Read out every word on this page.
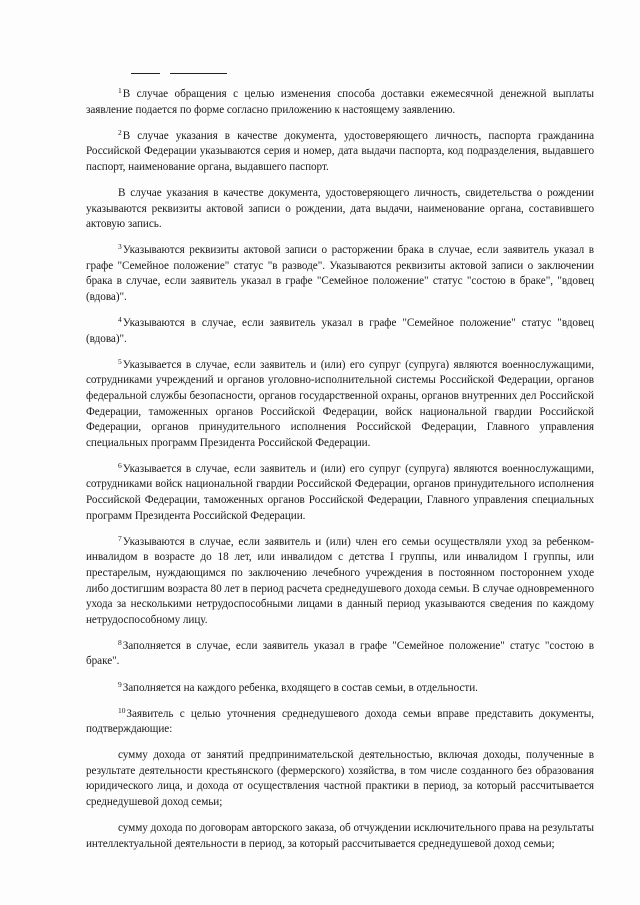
$^1$В случае обращения с целью изменения способа доставки ежемесячной денежной выплаты заявление подается по форме согласно приложению к настоящему заявлению.

$^2$В случае указания в качестве документа, удостоверяющего личность, паспорта гражданина Российской Федерации указываются серия и номер, дата выдачи паспорта, код подразделения, выдавшего паспорт, наименование органа, выдавшего паспорт.

В случае указания в качестве документа, удостоверяющего личность, свидетельства о рождении указываются реквизиты актовой записи о рождении, дата выдачи, наименование органа, составившего актовую запись.

$^3$Указываются реквизиты актовой записи о расторжении брака в случае, если заявитель указал в графе "Семейное положение" статус "в разводе". Указываются реквизиты актовой записи о заключении брака в случае, если заявитель указал в графе "Семейное положение" статус "состою в браке", "вдовец (вдова)".

$^4$Указываются в случае, если заявитель указал в графе "Семейное положение" статус "вдовец (вдова)".

$^5$Указывается в случае, если заявитель и (или) его супруг (супруга) являются военнослужащими, сотрудниками учреждений и органов уголовно-исполнительной системы Российской Федерации, органов федеральной службы безопасности, органов государственной охраны, органов внутренних дел Российской Федерации, таможенных органов Российской Федерации, войск национальной гвардии Российской Федерации, органов принудительного исполнения Российской Федерации, Главного управления специальных программ Президента Российской Федерации.

$^6$Указывается в случае, если заявитель и (или) его супруг (супруга) являются военнослужащими, сотрудниками войск национальной гвардии Российской Федерации, органов принудительного исполнения Российской Федерации, таможенных органов Российской Федерации, Главного управления специальных программ Президента Российской Федерации.

$^7$Указываются в случае, если заявитель и (или) член его семьи осуществляли уход за ребенком-инвалидом в возрасте до 18 лет, или инвалидом с детства I группы, или инвалидом I группы, или престарелым, нуждающимся по заключению лечебного учреждения в постоянном постороннем уходе либо достигшим возраста 80 лет в период расчета среднедушевого дохода семьи. В случае одновременного ухода за несколькими нетрудоспособными лицами в данный период указываются сведения по каждому нетрудоспособному лицу.

$^8$Заполняется в случае, если заявитель указал в графе "Семейное положение" статус "состою в браке".

$^9$Заполняется на каждого ребенка, входящего в состав семьи, в отдельности.

$^{10}$Заявитель с целью уточнения среднедушевого дохода семьи вправе представить документы, подтверждающие:

сумму дохода от занятий предпринимательской деятельностью, включая доходы, полученные в результате деятельности крестьянского (фермерского) хозяйства, в том числе созданного без образования юридического лица, и дохода от осуществления частной практики в период, за который рассчитывается среднедушевой доход семьи;

сумму дохода по договорам авторского заказа, об отчуждении исключительного права на результаты интеллектуальной деятельности в период, за который рассчитывается среднедушевой доход семьи;
